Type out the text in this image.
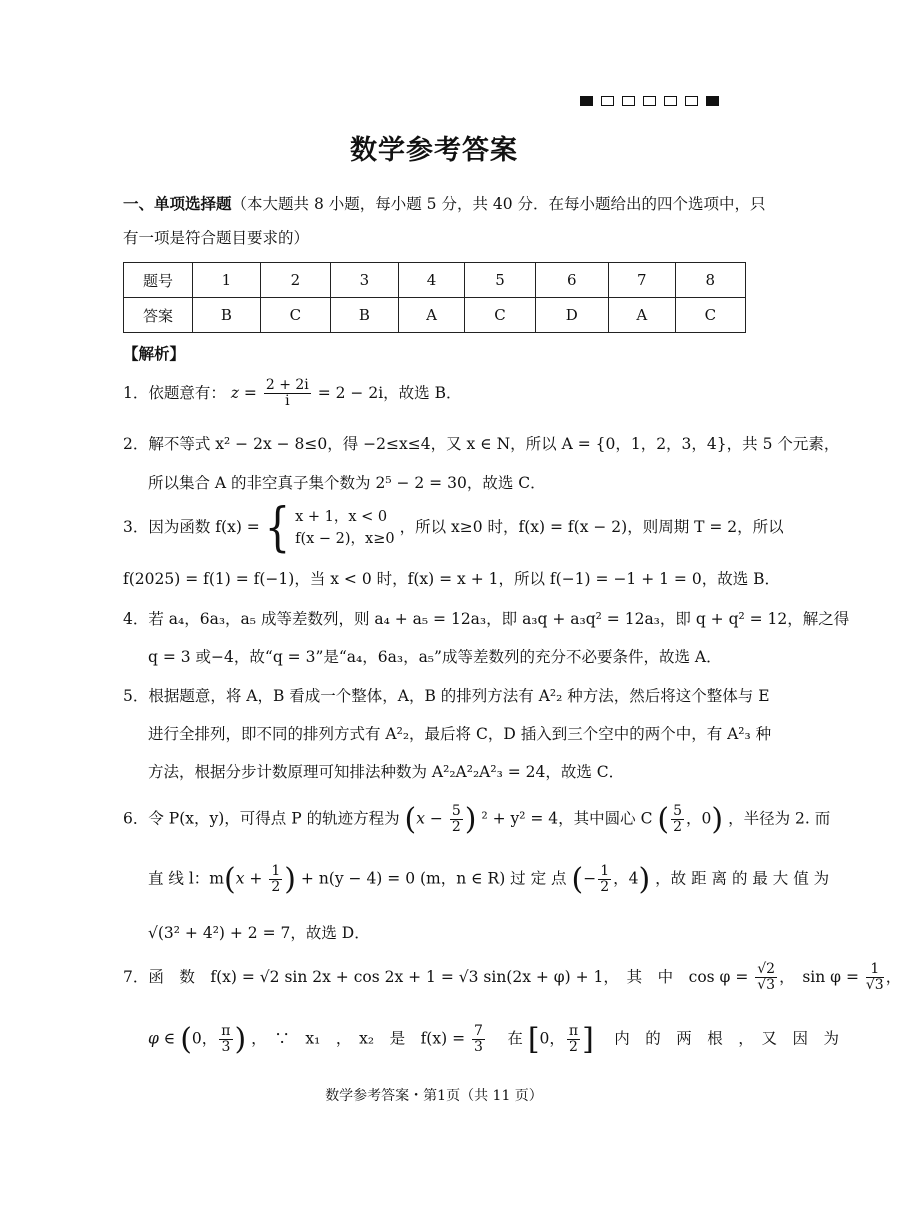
数学参考答案
一、单项选择题（本大题共 8 小题，每小题 5 分，共 40 分．在每小题给出的四个选项中，只
有一项是符合题目要求的）
题号	1	2	3	4	5	6	7	8
答案	B	C	B	A	C	D	A	C
【解析】
1．依题意有： $z = \frac{2 + 2i}{i} = 2 - 2i$，故选 B．
2．解不等式 x² − 2x − 8≤0，得 −2≤x≤4，又 x ∈ N，所以 A = {0，1，2，3，4}，共 5 个元素，
所以集合 A 的非空真子集个数为 2⁵ − 2 = 30，故选 C．
3．因为函数 f(x) = { x + 1，x < 0
f(x − 2)，x≥0
，所以 x≥0 时，f(x) = f(x − 2)，则周期 T = 2，所以
f(2025) = f(1) = f(−1)，当 x < 0 时，f(x) = x + 1，所以 f(−1) = −1 + 1 = 0，故选 B．
4．若 a₄，6a₃，a₅ 成等差数列，则 a₄ + a₅ = 12a₃，即 a₃q + a₃q² = 12a₃，即 q + q² = 12，解之得
q = 3 或−4，故“q = 3”是“a₄，6a₃，a₅”成等差数列的充分不必要条件，故选 A．
5．根据题意，将 A，B 看成一个整体，A，B 的排列方法有 A²₂ 种方法，然后将这个整体与 E
进行全排列，即不同的排列方式有 A²₂，最后将 C，D 插入到三个空中的两个中，有 A²₃ 种
方法，根据分步计数原理可知排法种数为 A²₂A²₂A²₃ = 24，故选 C．
6．令 P(x，y)，可得点 P 的轨迹方程为 ($x - \frac{5}{2}$ ) ² + y² = 4，其中圆心 C ( $\frac{5}{2}$ ，0) ，半径为 2. 而
直 线 l：$m(x + \frac{1}{2}$ ) + n(y − 4) = 0 (m，n ∈ R) 过 定 点 (− $\frac{1}{2}$ ，4) ，故 距 离 的 最 大 值 为
√(3² + 4²) + 2 = 7，故选 D．
7．函　数　f(x) = √2 sin 2x + cos 2x + 1 = √3 sin(2x + φ) + 1，　其　中　$\cos \varphi = \frac{√2}{√3}$ ，　$\sin \varphi = \frac{1}{√3}$ ，
φ ∈ (0， $\frac{\pi}{3}$ ) ，　∵　x₁　，　x₂　是　$f(x) = \frac{7}{3}$ 　在 [0， $\frac{\pi}{2}$ ] 　内　的　两　根　，　又　因　为
数学参考答案・第1页（共 11 页）
